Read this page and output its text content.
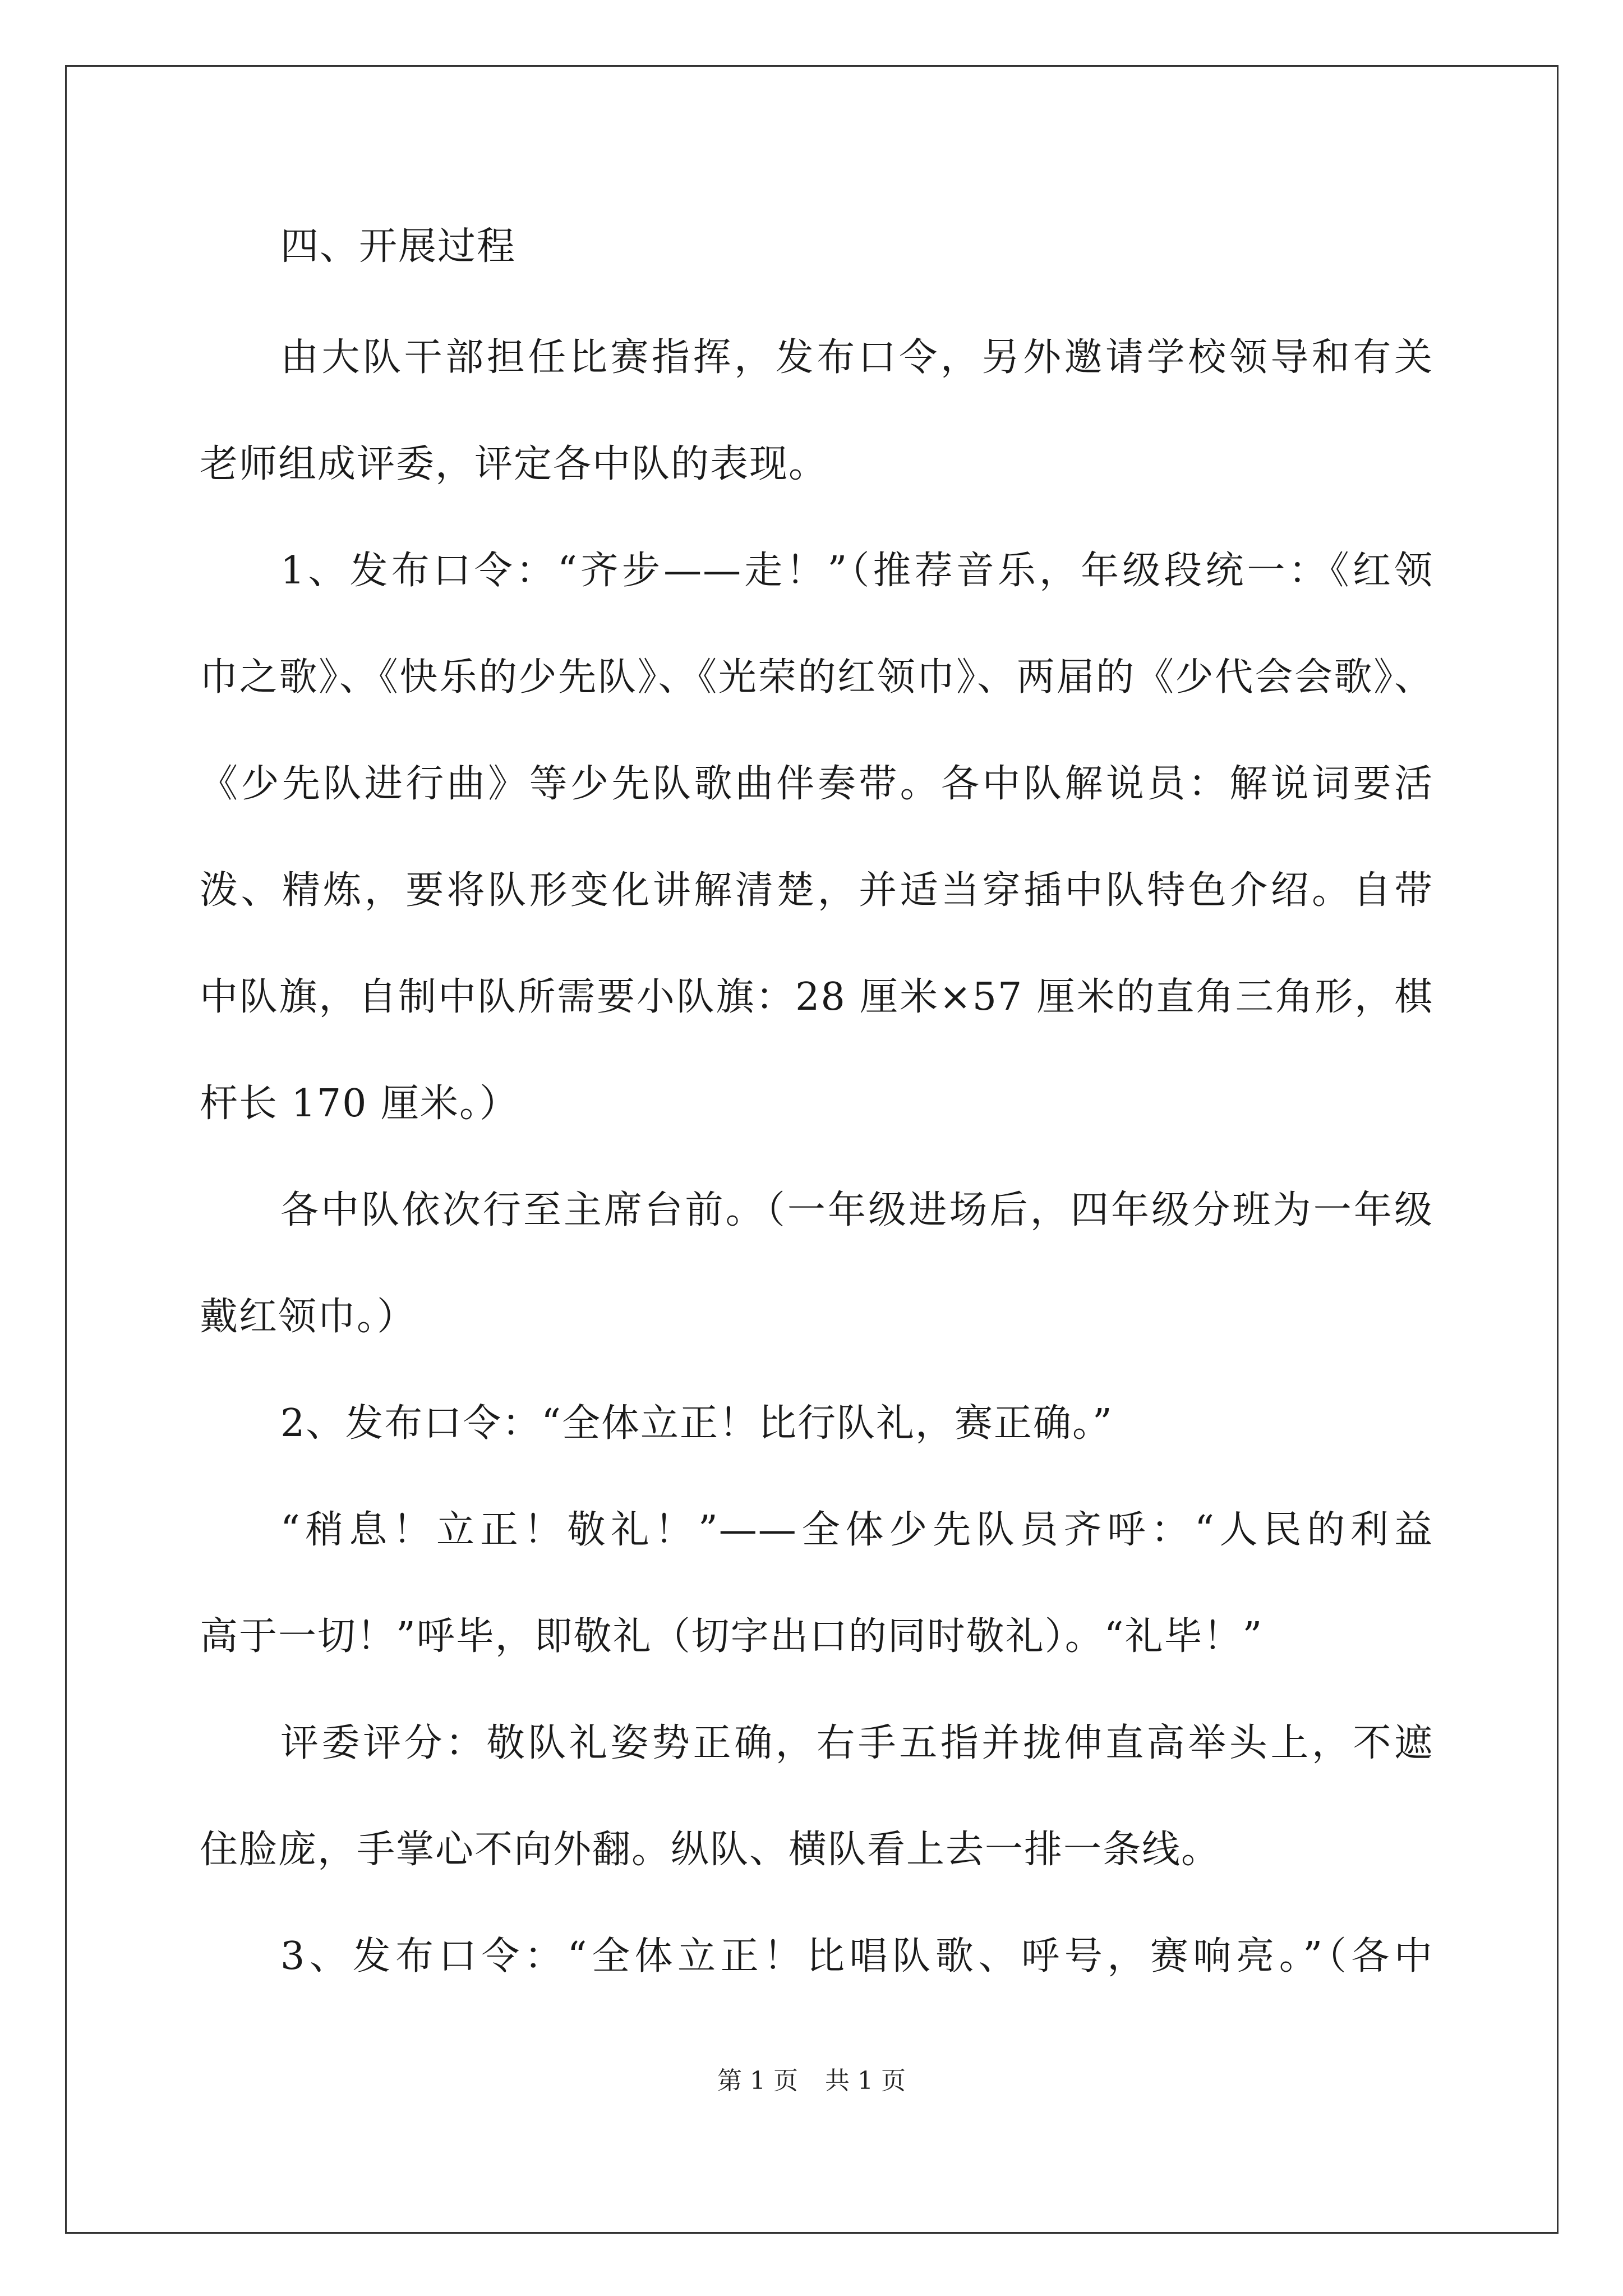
四、开展过程
由大队干部担任比赛指挥，发布口令，另外邀请学校领导和有关
老师组成评委，评定各中队的表现。
1、发布口令：“齐步——走！”（推荐音乐，年级段统一：《红领
巾之歌》、《快乐的少先队》、《光荣的红领巾》、两届的《少代会会歌》、
《少先队进行曲》等少先队歌曲伴奏带。各中队解说员：解说词要活
泼、精炼，要将队形变化讲解清楚，并适当穿插中队特色介绍。自带
中队旗，自制中队所需要小队旗：28 厘米×57 厘米的直角三角形，棋
杆长 170 厘米。）
各中队依次行至主席台前。（一年级进场后，四年级分班为一年级
戴红领巾。）
2、发布口令：“全体立正！比行队礼，赛正确。”
“稍息！立正！敬礼！”——全体少先队员齐呼：“人民的利益
高于一切！”呼毕，即敬礼（切字出口的同时敬礼）。“礼毕！”
评委评分：敬队礼姿势正确，右手五指并拢伸直高举头上，不遮
住脸庞，手掌心不向外翻。纵队、横队看上去一排一条线。
3、发布口令：“全体立正！比唱队歌、呼号，赛响亮。”（各中
第 1 页 共 1 页
